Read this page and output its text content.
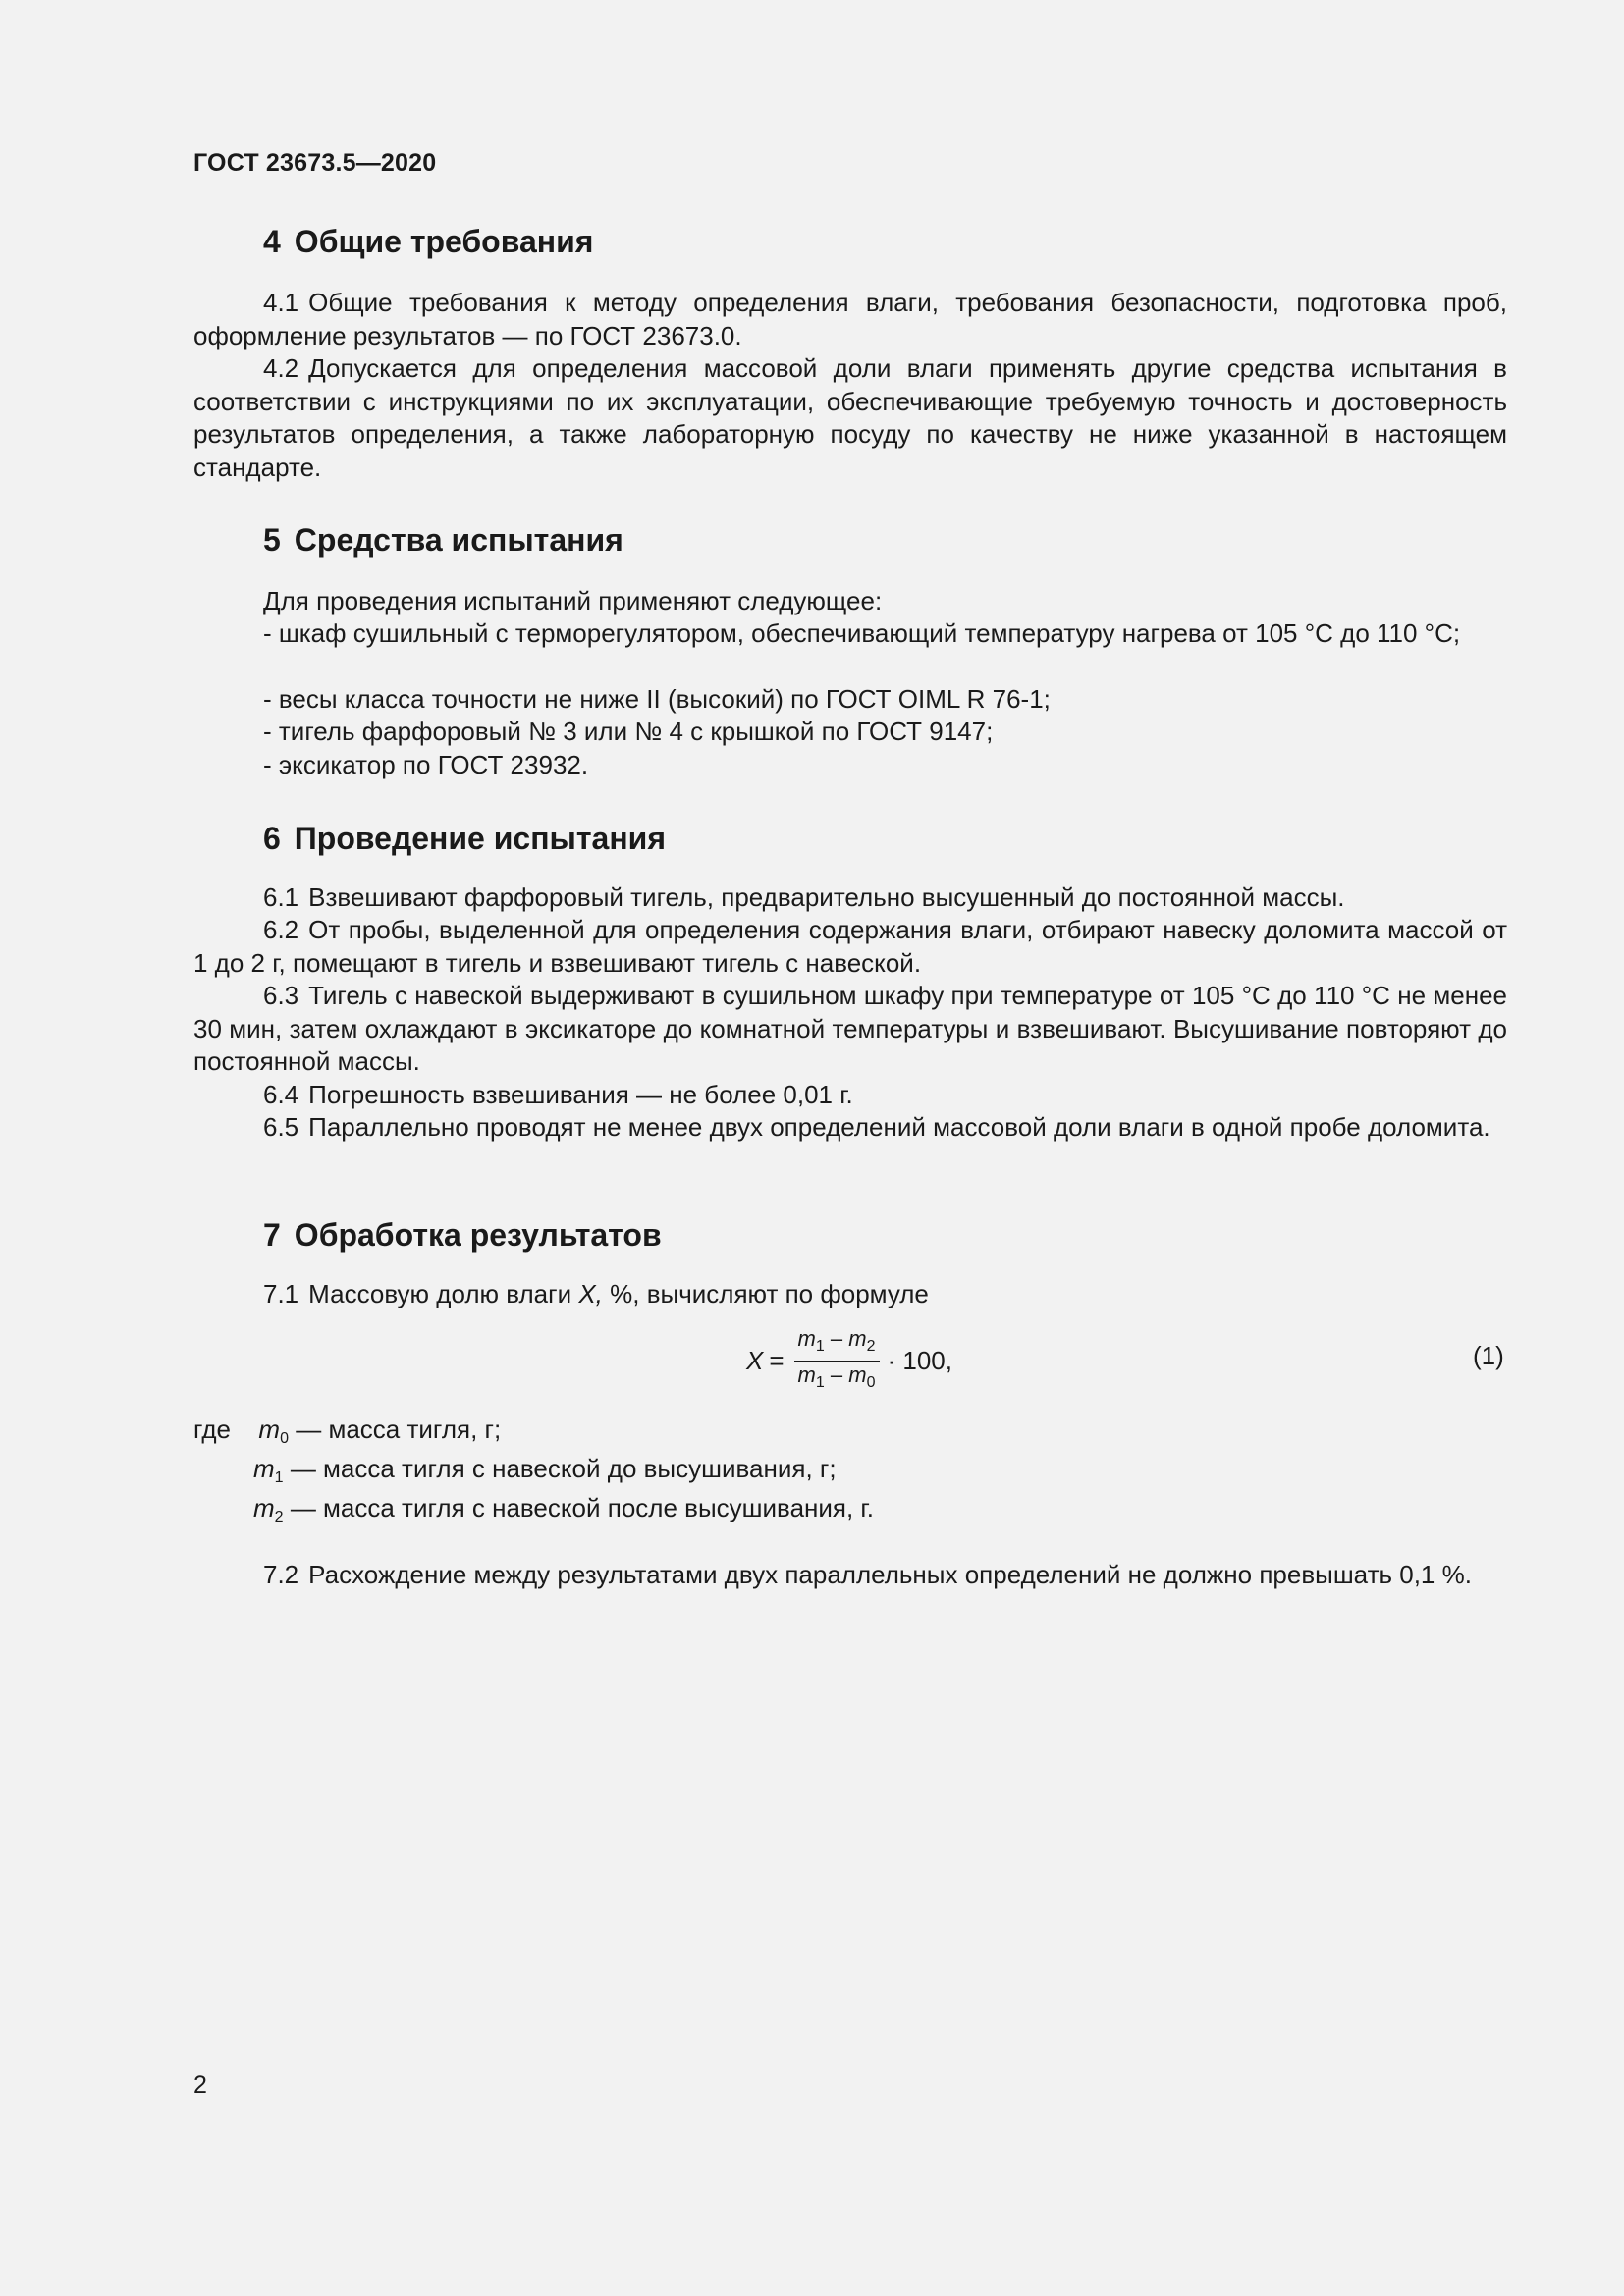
ГОСТ 23673.5—2020
4 Общие требования
4.1 Общие требования к методу определения влаги, требования безопасности, подготовка проб, оформление результатов — по ГОСТ 23673.0.
4.2 Допускается для определения массовой доли влаги применять другие средства испытания в соответствии с инструкциями по их эксплуатации, обеспечивающие требуемую точность и достоверность результатов определения, а также лабораторную посуду по качеству не ниже указанной в настоящем стандарте.
5 Средства испытания
Для проведения испытаний применяют следующее:
- шкаф сушильный с терморегулятором, обеспечивающий температуру нагрева от 105 °С до 110 °С;
- весы класса точности не ниже II (высокий) по ГОСТ OIML R 76-1;
- тигель фарфоровый № 3 или № 4 с крышкой по ГОСТ 9147;
- эксикатор по ГОСТ 23932.
6 Проведение испытания
6.1 Взвешивают фарфоровый тигель, предварительно высушенный до постоянной массы.
6.2 От пробы, выделенной для определения содержания влаги, отбирают навеску доломита массой от 1 до 2 г, помещают в тигель и взвешивают тигель с навеской.
6.3 Тигель с навеской выдерживают в сушильном шкафу при температуре от 105 °С до 110 °С не менее 30 мин, затем охлаждают в эксикаторе до комнатной температуры и взвешивают. Высушивание повторяют до постоянной массы.
6.4 Погрешность взвешивания — не более 0,01 г.
6.5 Параллельно проводят не менее двух определений массовой доли влаги в одной пробе доломита.
7 Обработка результатов
7.1 Массовую долю влаги X, %, вычисляют по формуле
$X = \frac{m_1 - m_2}{m_1 - m_0} \cdot 100$,	(1)
где $m_0$ — масса тигля, г;
$m_1$ — масса тигля с навеской до высушивания, г;
$m_2$ — масса тигля с навеской после высушивания, г.
7.2 Расхождение между результатами двух параллельных определений не должно превышать 0,1 %.
2
